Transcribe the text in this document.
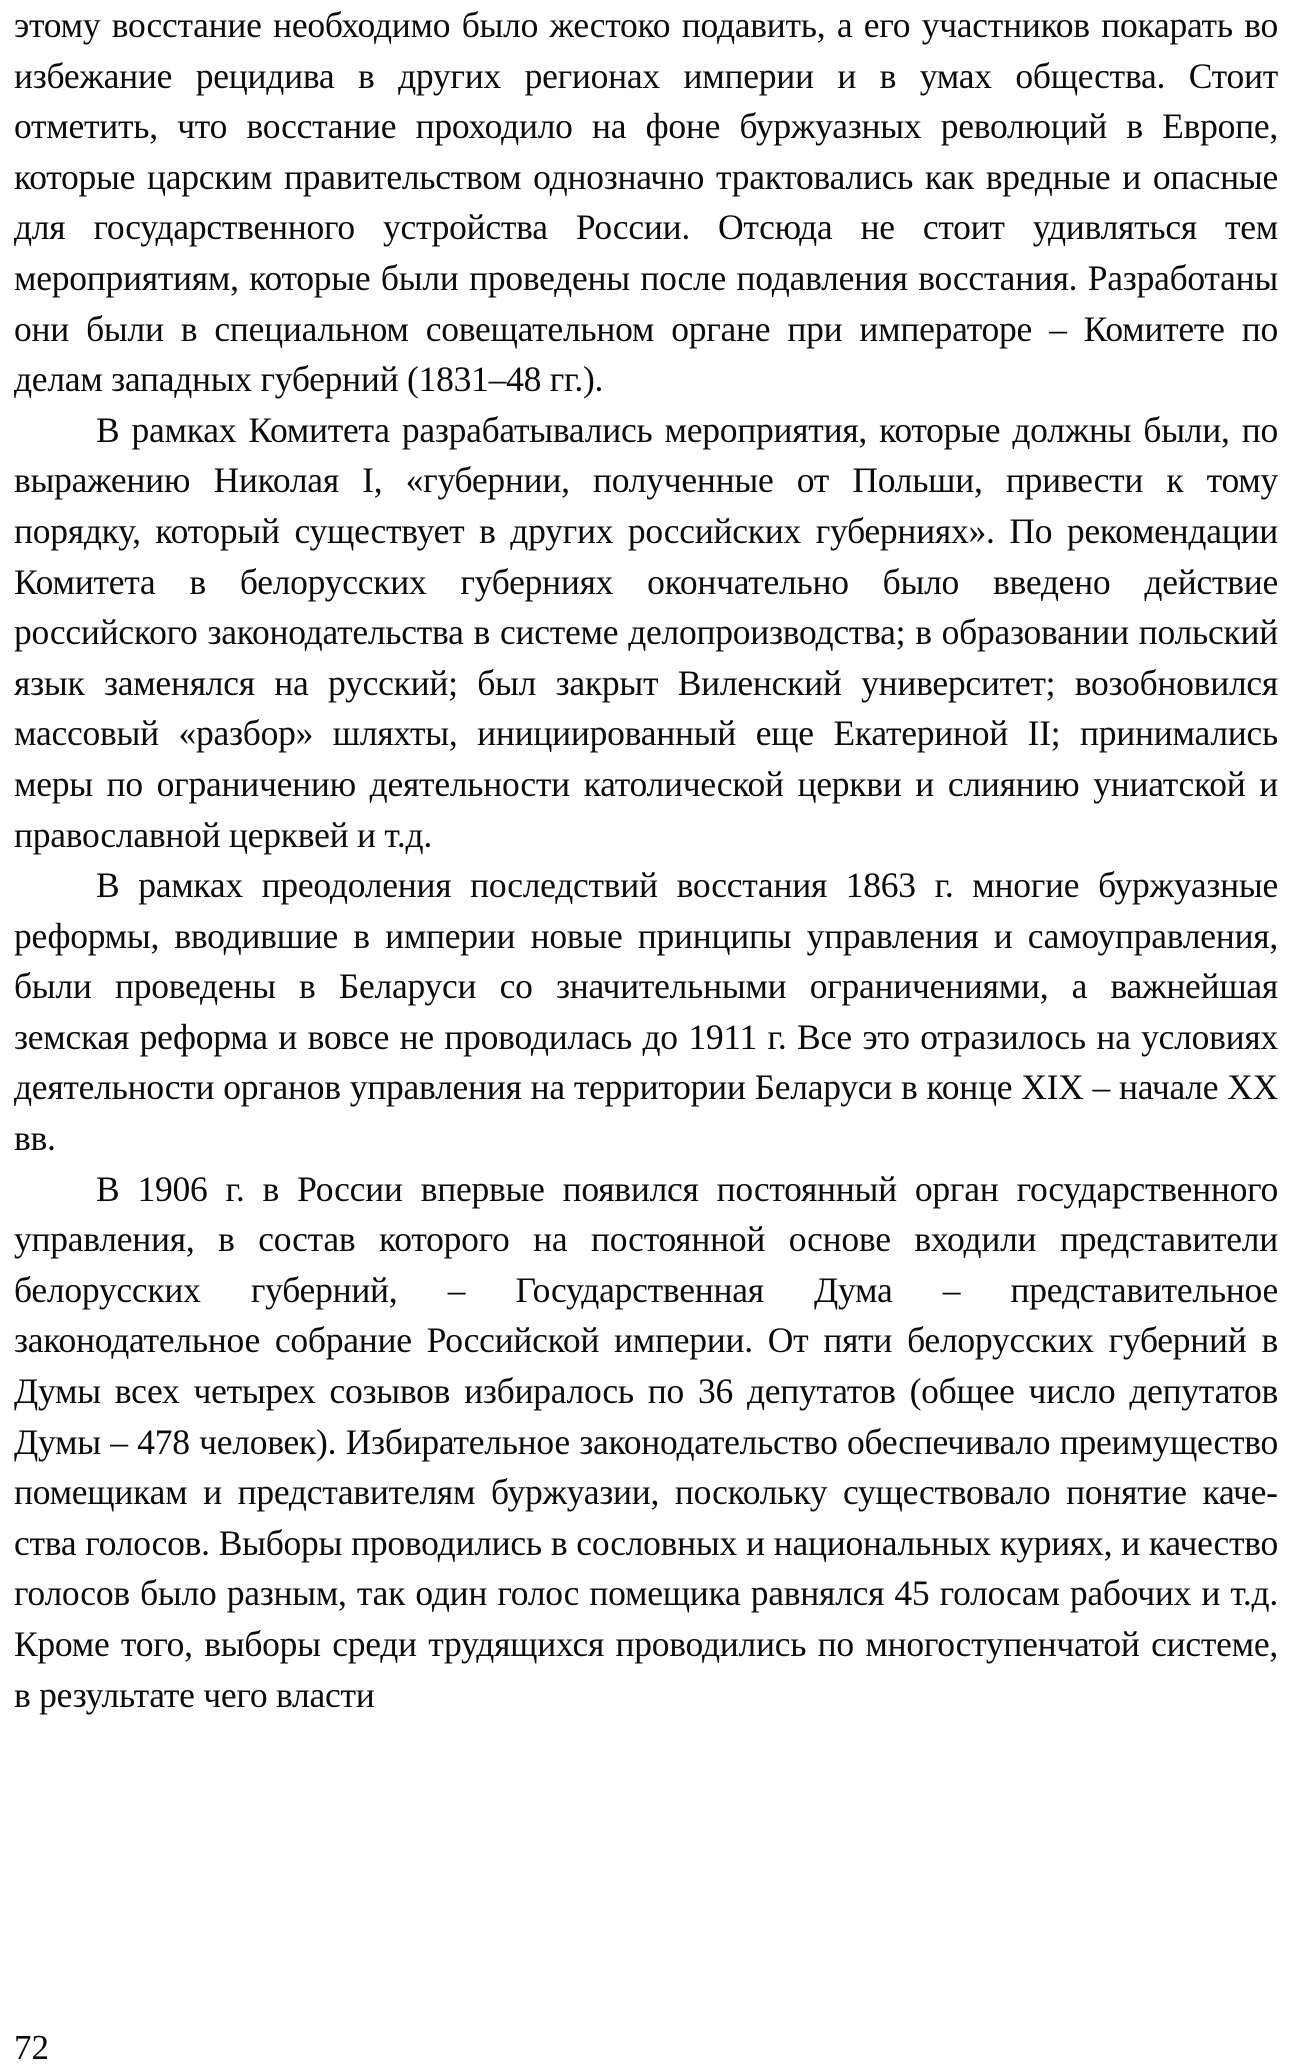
этому восстание необходимо было жестоко подавить, а его участников покарать во избежание рецидива в других регионах империи и в умах общества. Стоит отметить, что восстание проходило на фоне буржуазных революций в Европе, которые царским правительством однозначно трактовались как вредные и опасные для государственного устройства России. Отсюда не стоит удивляться тем мероприятиям, которые были проведены после подавления восстания. Разработаны они были в специальном совещательном органе при императоре – Комитете по делам западных губерний (1831–48 гг.).

В рамках Комитета разрабатывались мероприятия, которые должны были, по выражению Николая I, «губернии, полученные от Польши, привести к тому порядку, который существует в других российских губерниях». По рекомендации Комитета в белорусских губерниях окончательно было введено действие российского законодательства в системе делопроизводства; в образовании польский язык заменялся на русский; был закрыт Виленский университет; возобновился массовый «разбор» шляхты, инициированный еще Екатериной II; принимались меры по ограничению деятельности католической церкви и слиянию униатской и православной церквей и т.д.

В рамках преодоления последствий восстания 1863 г. многие буржуазные реформы, вводившие в империи новые принципы управления и самоуправления, были проведены в Беларуси со значительными ограничениями, а важнейшая земская реформа и вовсе не проводилась до 1911 г. Все это отразилось на условиях деятельности органов управления на территории Беларуси в конце XIX – начале XX вв.

В 1906 г. в России впервые появился постоянный орган государственного управления, в состав которого на постоянной основе входили представители белорусских губерний, – Государственная Дума – представительное законодательное собрание Российской империи. От пяти белорусских губерний в Думы всех четырех созывов избиралось по 36 депутатов (общее число депутатов Думы – 478 человек). Избирательное законодательство обеспечивало преимущество помещикам и представителям буржуазии, поскольку существовало понятие качества голосов. Выборы проводились в сословных и национальных куриях, и качество голосов было разным, так один голос помещика равнялся 45 голосам рабочих и т.д. Кроме того, выборы среди трудящихся проводились по многоступенчатой системе, в результате чего власти

72
